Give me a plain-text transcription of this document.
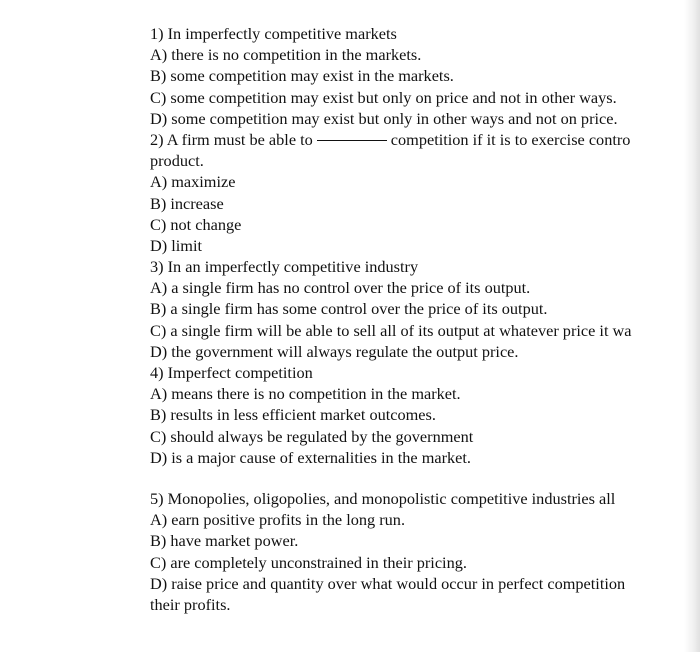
1) In imperfectly competitive markets
A) there is no competition in the markets.
B) some competition may exist in the markets.
C) some competition may exist but only on price and not in other ways.
D) some competition may exist but only in other ways and not on price.
2) A firm must be able to	competition if it is to exercise contro
product.
A) maximize
B) increase
C) not change
D) limit
3) In an imperfectly competitive industry
A) a single firm has no control over the price of its output.
B) a single firm has some control over the price of its output.
C) a single firm will be able to sell all of its output at whatever price it wa
D) the government will always regulate the output price.
4) Imperfect competition
A) means there is no competition in the market.
B) results in less efficient market outcomes.
C) should always be regulated by the government
D) is a major cause of externalities in the market.
5) Monopolies, oligopolies, and monopolistic competitive industries all
A) earn positive profits in the long run.
B) have market power.
C) are completely unconstrained in their pricing.
D) raise price and quantity over what would occur in perfect competition
their profits.
